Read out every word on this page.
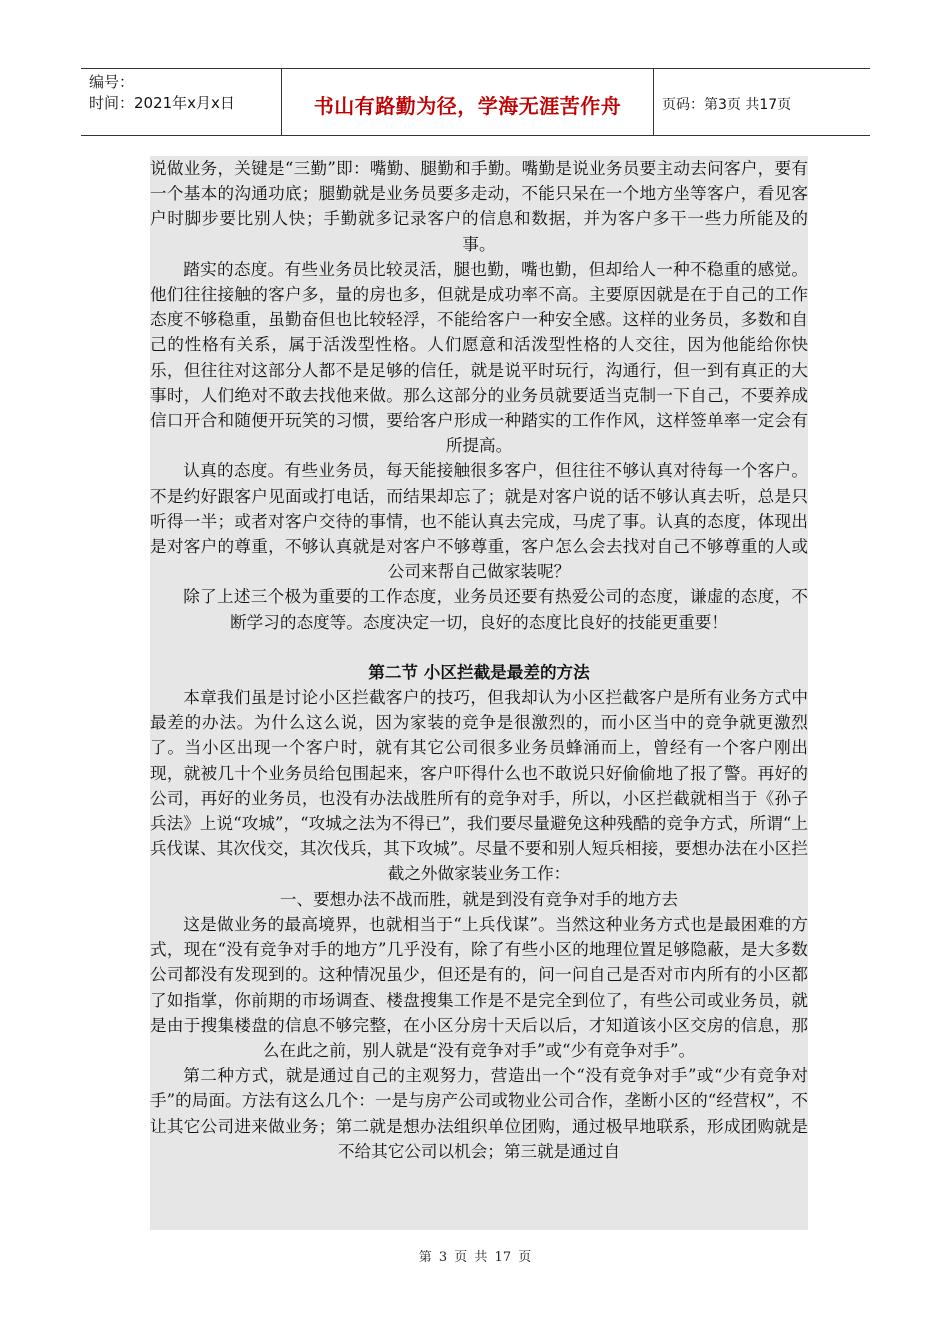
编号：
时间：2021年x月x日	书山有路勤为径，学海无涯苦作舟	页码：第3页 共17页

说做业务，关键是“三勤”即：嘴勤、腿勤和手勤。嘴勤是说业务员要主动去问客户，要有一个基本的沟通功底；腿勤就是业务员要多走动，不能只呆在一个地方坐等客户，看见客户时脚步要比别人快；手勤就多记录客户的信息和数据，并为客户多干一些力所能及的事。

踏实的态度。有些业务员比较灵活，腿也勤，嘴也勤，但却给人一种不稳重的感觉。他们往往接触的客户多，量的房也多，但就是成功率不高。主要原因就是在于自己的工作态度不够稳重，虽勤奋但也比较轻浮，不能给客户一种安全感。这样的业务员，多数和自己的性格有关系，属于活泼型性格。人们愿意和活泼型性格的人交往，因为他能给你快乐，但往往对这部分人都不是足够的信任，就是说平时玩行，沟通行，但一到有真正的大事时，人们绝对不敢去找他来做。那么这部分的业务员就要适当克制一下自己，不要养成信口开合和随便开玩笑的习惯，要给客户形成一种踏实的工作作风，这样签单率一定会有所提高。

认真的态度。有些业务员，每天能接触很多客户，但往往不够认真对待每一个客户。不是约好跟客户见面或打电话，而结果却忘了；就是对客户说的话不够认真去听，总是只听得一半；或者对客户交待的事情，也不能认真去完成，马虎了事。认真的态度，体现出是对客户的尊重，不够认真就是对客户不够尊重，客户怎么会去找对自己不够尊重的人或公司来帮自己做家装呢？

除了上述三个极为重要的工作态度，业务员还要有热爱公司的态度，谦虚的态度，不断学习的态度等。态度决定一切，良好的态度比良好的技能更重要！

第二节 小区拦截是最差的方法

本章我们虽是讨论小区拦截客户的技巧，但我却认为小区拦截客户是所有业务方式中最差的办法。为什么这么说，因为家装的竞争是很激烈的，而小区当中的竞争就更激烈了。当小区出现一个客户时，就有其它公司很多业务员蜂涌而上，曾经有一个客户刚出现，就被几十个业务员给包围起来，客户吓得什么也不敢说只好偷偷地了报了警。再好的公司，再好的业务员，也没有办法战胜所有的竞争对手，所以，小区拦截就相当于《孙子兵法》上说“攻城”，“攻城之法为不得已”，我们要尽量避免这种残酷的竞争方式，所谓“上兵伐谋、其次伐交，其次伐兵，其下攻城”。尽量不要和别人短兵相接，要想办法在小区拦截之外做家装业务工作：

一、要想办法不战而胜，就是到没有竞争对手的地方去

这是做业务的最高境界，也就相当于“上兵伐谋”。当然这种业务方式也是最困难的方式，现在“没有竞争对手的地方”几乎没有，除了有些小区的地理位置足够隐蔽，是大多数公司都没有发现到的。这种情况虽少，但还是有的，问一问自己是否对市内所有的小区都了如指掌，你前期的市场调查、楼盘搜集工作是不是完全到位了，有些公司或业务员，就是由于搜集楼盘的信息不够完整，在小区分房十天后以后，才知道该小区交房的信息，那么在此之前，别人就是“没有竞争对手”或“少有竞争对手”。

第二种方式，就是通过自己的主观努力，营造出一个“没有竞争对手”或“少有竞争对手”的局面。方法有这么几个：一是与房产公司或物业公司合作，垄断小区的“经营权”，不让其它公司进来做业务；第二就是想办法组织单位团购，通过极早地联系，形成团购就是不给其它公司以机会；第三就是通过自

第 3 页 共 17 页
